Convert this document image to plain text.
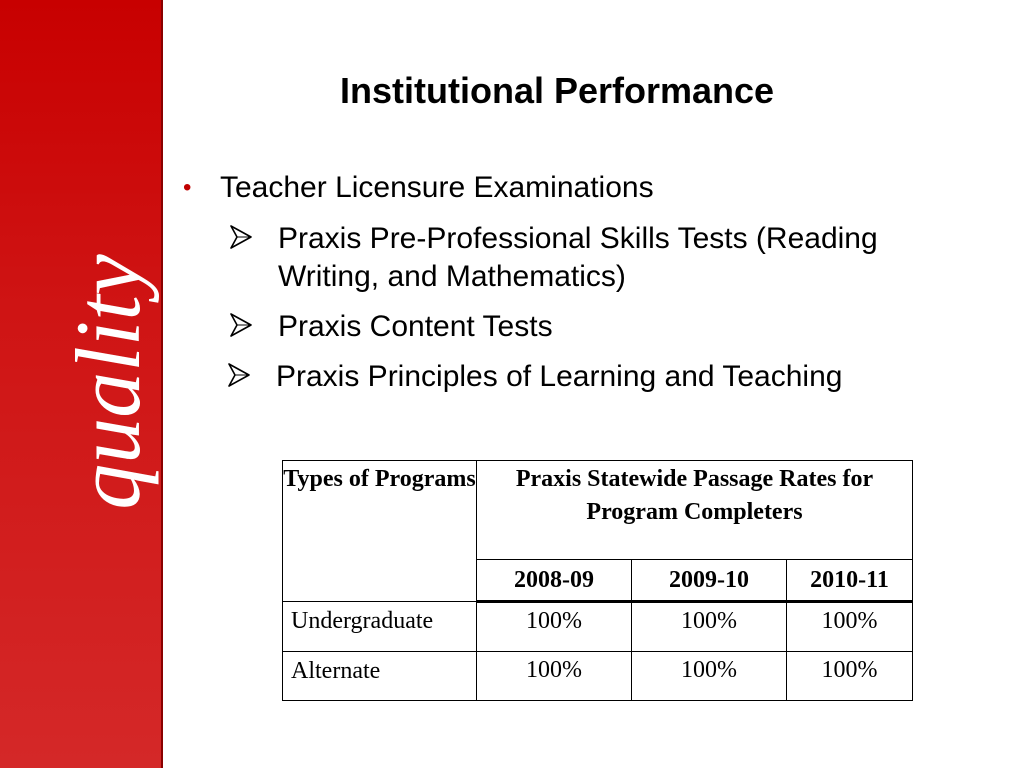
quality
Institutional Performance
• Teacher Licensure Examinations
Praxis Pre-Professional Skills Tests (Reading Writing, and Mathematics)
Praxis Content Tests
Praxis Principles of Learning and Teaching
Types of Programs	Praxis Statewide Passage Rates for Program Completers		
	2008-09	2009-10	2010-11
Undergraduate	100%	100%	100%
Alternate	100%	100%	100%
